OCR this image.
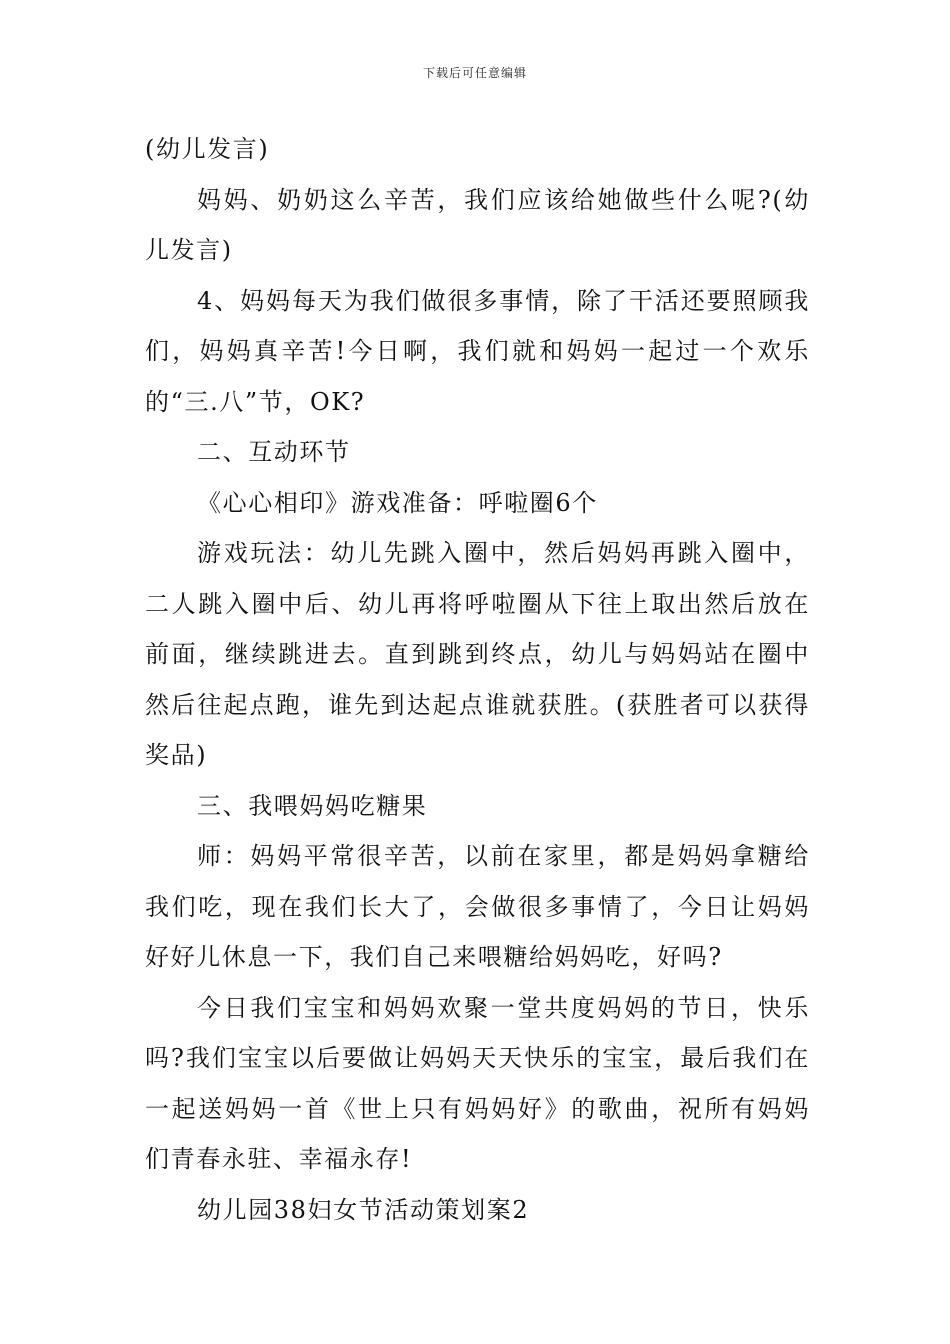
下载后可任意编辑

(幼儿发言)

妈妈、奶奶这么辛苦，我们应该给她做些什么呢?(幼儿发言)

4、妈妈每天为我们做很多事情，除了干活还要照顾我们，妈妈真辛苦!今日啊，我们就和妈妈一起过一个欢乐的“三.八”节，OK?

二、互动环节

《心心相印》游戏准备：呼啦圈6个

游戏玩法：幼儿先跳入圈中，然后妈妈再跳入圈中，二人跳入圈中后、幼儿再将呼啦圈从下往上取出然后放在前面，继续跳进去。直到跳到终点，幼儿与妈妈站在圈中然后往起点跑，谁先到达起点谁就获胜。(获胜者可以获得奖品)

三、我喂妈妈吃糖果

师：妈妈平常很辛苦，以前在家里，都是妈妈拿糖给我们吃，现在我们长大了，会做很多事情了，今日让妈妈好好儿休息一下，我们自己来喂糖给妈妈吃，好吗?

今日我们宝宝和妈妈欢聚一堂共度妈妈的节日，快乐吗?我们宝宝以后要做让妈妈天天快乐的宝宝，最后我们在一起送妈妈一首《世上只有妈妈好》的歌曲，祝所有妈妈们青春永驻、幸福永存!

幼儿园38妇女节活动策划案2
